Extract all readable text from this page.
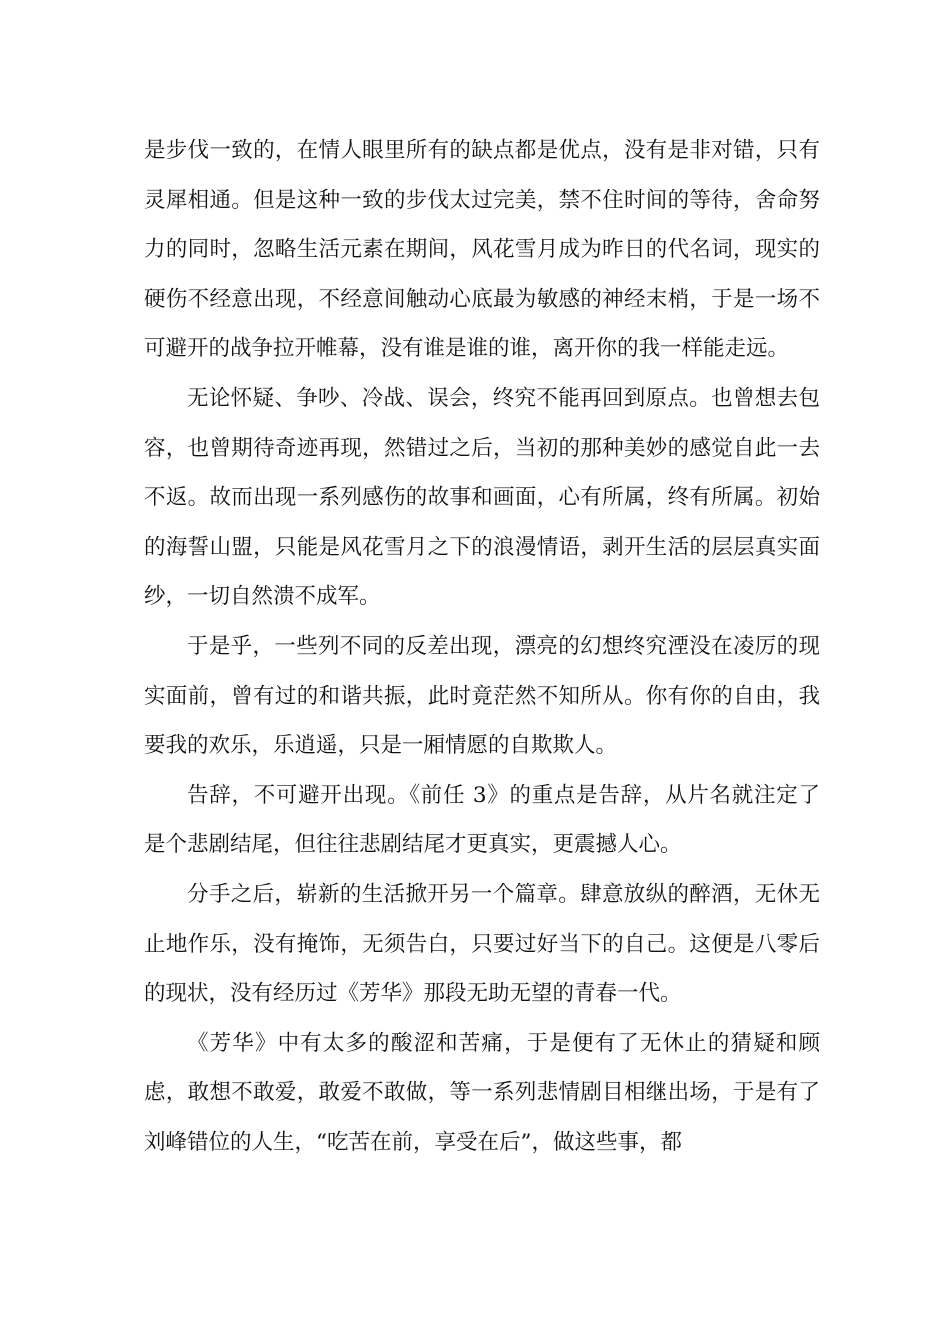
是步伐一致的，在情人眼里所有的缺点都是优点，没有是非对错，只有灵犀相通。但是这种一致的步伐太过完美，禁不住时间的等待，舍命努力的同时，忽略生活元素在期间，风花雪月成为昨日的代名词，现实的硬伤不经意出现，不经意间触动心底最为敏感的神经末梢，于是一场不可避开的战争拉开帷幕，没有谁是谁的谁，离开你的我一样能走远。

无论怀疑、争吵、冷战、误会，终究不能再回到原点。也曾想去包容，也曾期待奇迹再现，然错过之后，当初的那种美妙的感觉自此一去不返。故而出现一系列感伤的故事和画面，心有所属，终有所属。初始的海誓山盟，只能是风花雪月之下的浪漫情语，剥开生活的层层真实面纱，一切自然溃不成军。

于是乎，一些列不同的反差出现，漂亮的幻想终究湮没在凌厉的现实面前，曾有过的和谐共振，此时竟茫然不知所从。你有你的自由，我要我的欢乐，乐逍遥，只是一厢情愿的自欺欺人。

告辞，不可避开出现。《前任 3》的重点是告辞，从片名就注定了是个悲剧结尾，但往往悲剧结尾才更真实，更震撼人心。

分手之后，崭新的生活掀开另一个篇章。肆意放纵的醉酒，无休无止地作乐，没有掩饰，无须告白，只要过好当下的自己。这便是八零后的现状，没有经历过《芳华》那段无助无望的青春一代。

《芳华》中有太多的酸涩和苦痛，于是便有了无休止的猜疑和顾虑，敢想不敢爱，敢爱不敢做，等一系列悲情剧目相继出场，于是有了刘峰错位的人生，“吃苦在前，享受在后”，做这些事，都
